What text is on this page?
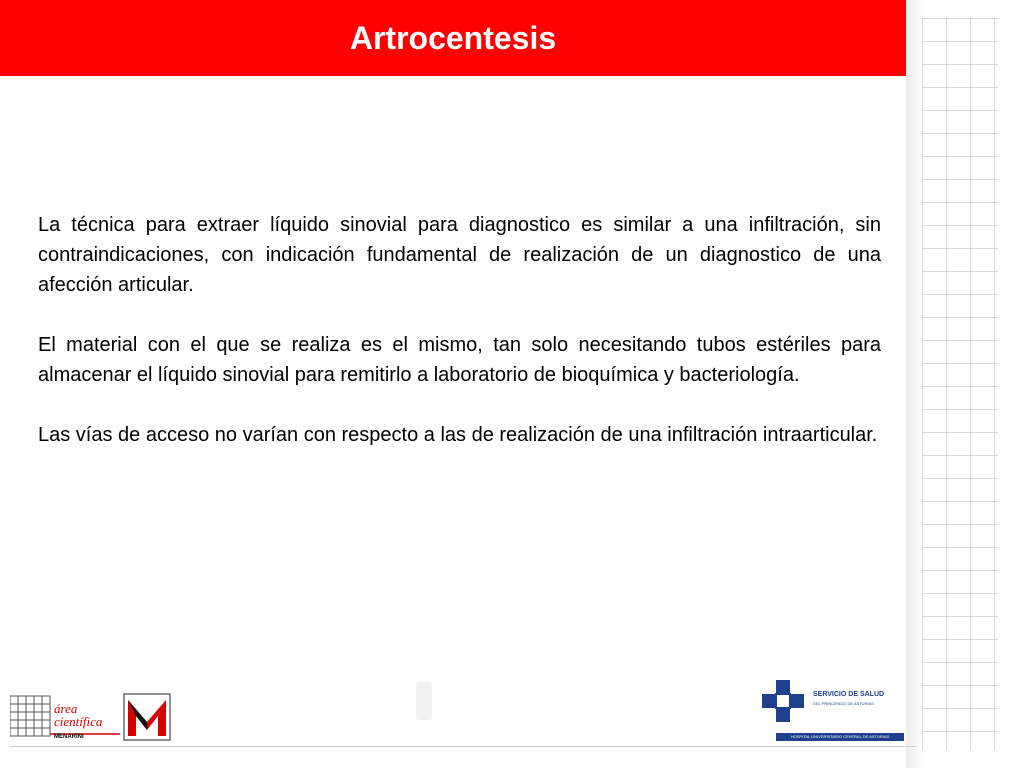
Artrocentesis

La técnica para extraer líquido sinovial para diagnostico es similar a una infiltración, sin contraindicaciones, con indicación fundamental de realización de un diagnostico de una afección articular.

El material con el que se realiza es el mismo, tan solo necesitando tubos estériles para almacenar el líquido sinovial para remitirlo a laboratorio de bioquímica y bacteriología.

Las vías de acceso no varían con respecto a las de realización de una infiltración intraarticular.

área
científica
MENARINI
SERVICIO DE SALUD
DEL PRINCIPADO DE ASTURIAS
HOSPITAL UNIVERSITARIO CENTRAL DE ASTURIAS
